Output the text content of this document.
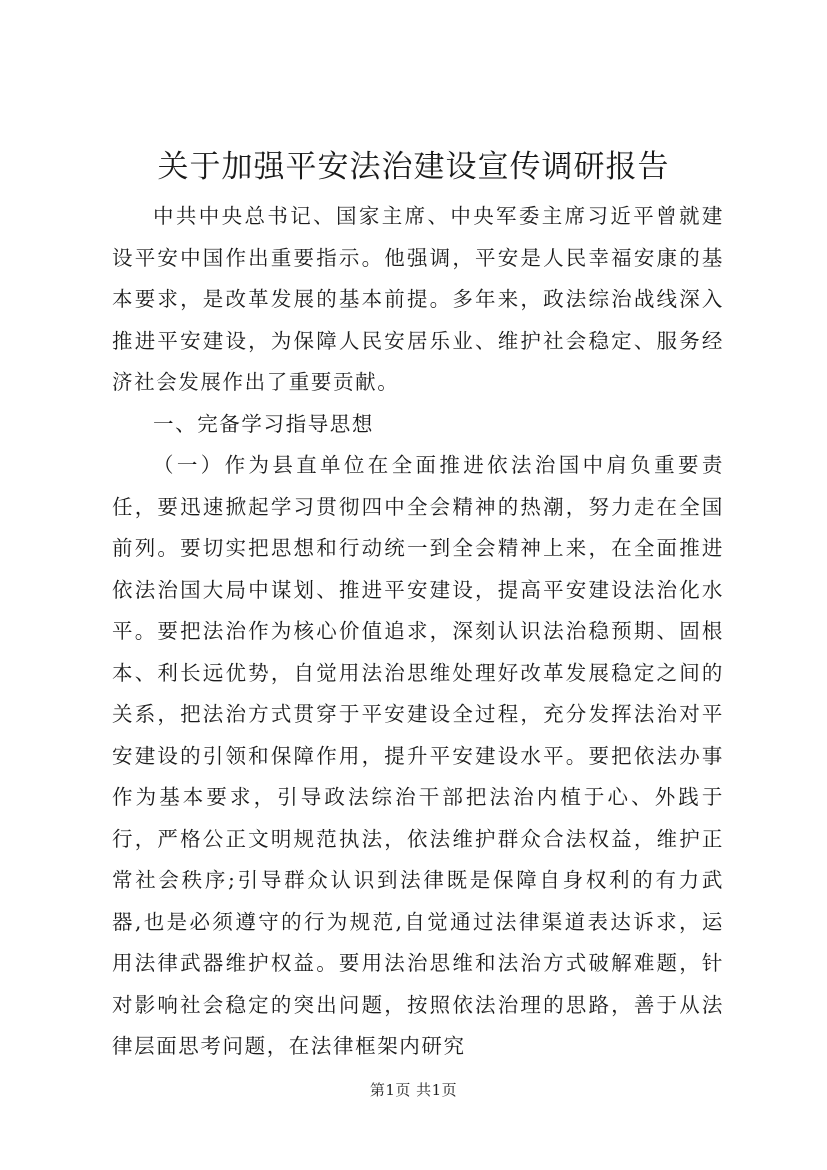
关于加强平安法治建设宣传调研报告

中共中央总书记、国家主席、中央军委主席习近平曾就建设平安中国作出重要指示。他强调，平安是人民幸福安康的基本要求，是改革发展的基本前提。多年来，政法综治战线深入推进平安建设，为保障人民安居乐业、维护社会稳定、服务经济社会发展作出了重要贡献。

一、完备学习指导思想

（一）作为县直单位在全面推进依法治国中肩负重要责任，要迅速掀起学习贯彻四中全会精神的热潮，努力走在全国前列。要切实把思想和行动统一到全会精神上来，在全面推进依法治国大局中谋划、推进平安建设，提高平安建设法治化水平。要把法治作为核心价值追求，深刻认识法治稳预期、固根本、利长远优势，自觉用法治思维处理好改革发展稳定之间的关系，把法治方式贯穿于平安建设全过程，充分发挥法治对平安建设的引领和保障作用，提升平安建设水平。要把依法办事作为基本要求，引导政法综治干部把法治内植于心、外践于行，严格公正文明规范执法，依法维护群众合法权益，维护正常社会秩序;引导群众认识到法律既是保障自身权利的有力武器,也是必须遵守的行为规范,自觉通过法律渠道表达诉求，运用法律武器维护权益。要用法治思维和法治方式破解难题，针对影响社会稳定的突出问题，按照依法治理的思路，善于从法律层面思考问题，在法律框架内研究

第1页 共1页
